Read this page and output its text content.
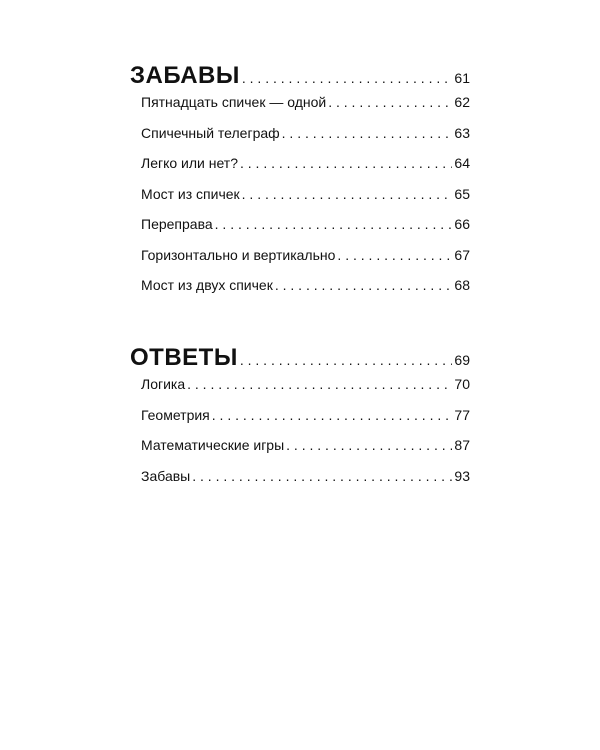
ЗАБАВЫ . . .	61
Пятнадцать спичек — одной . . .	62
Спичечный телеграф . . .	63
Легко или нет? . . .	64
Мост из спичек . . .	65
Переправа . . .	66
Горизонтально и вертикально . . .	67
Мост из двух спичек . . .	68
ОТВЕТЫ . . .	69
Логика . . .	70
Геометрия . . .	77
Математические игры . . .	87
Забавы . . .	93
